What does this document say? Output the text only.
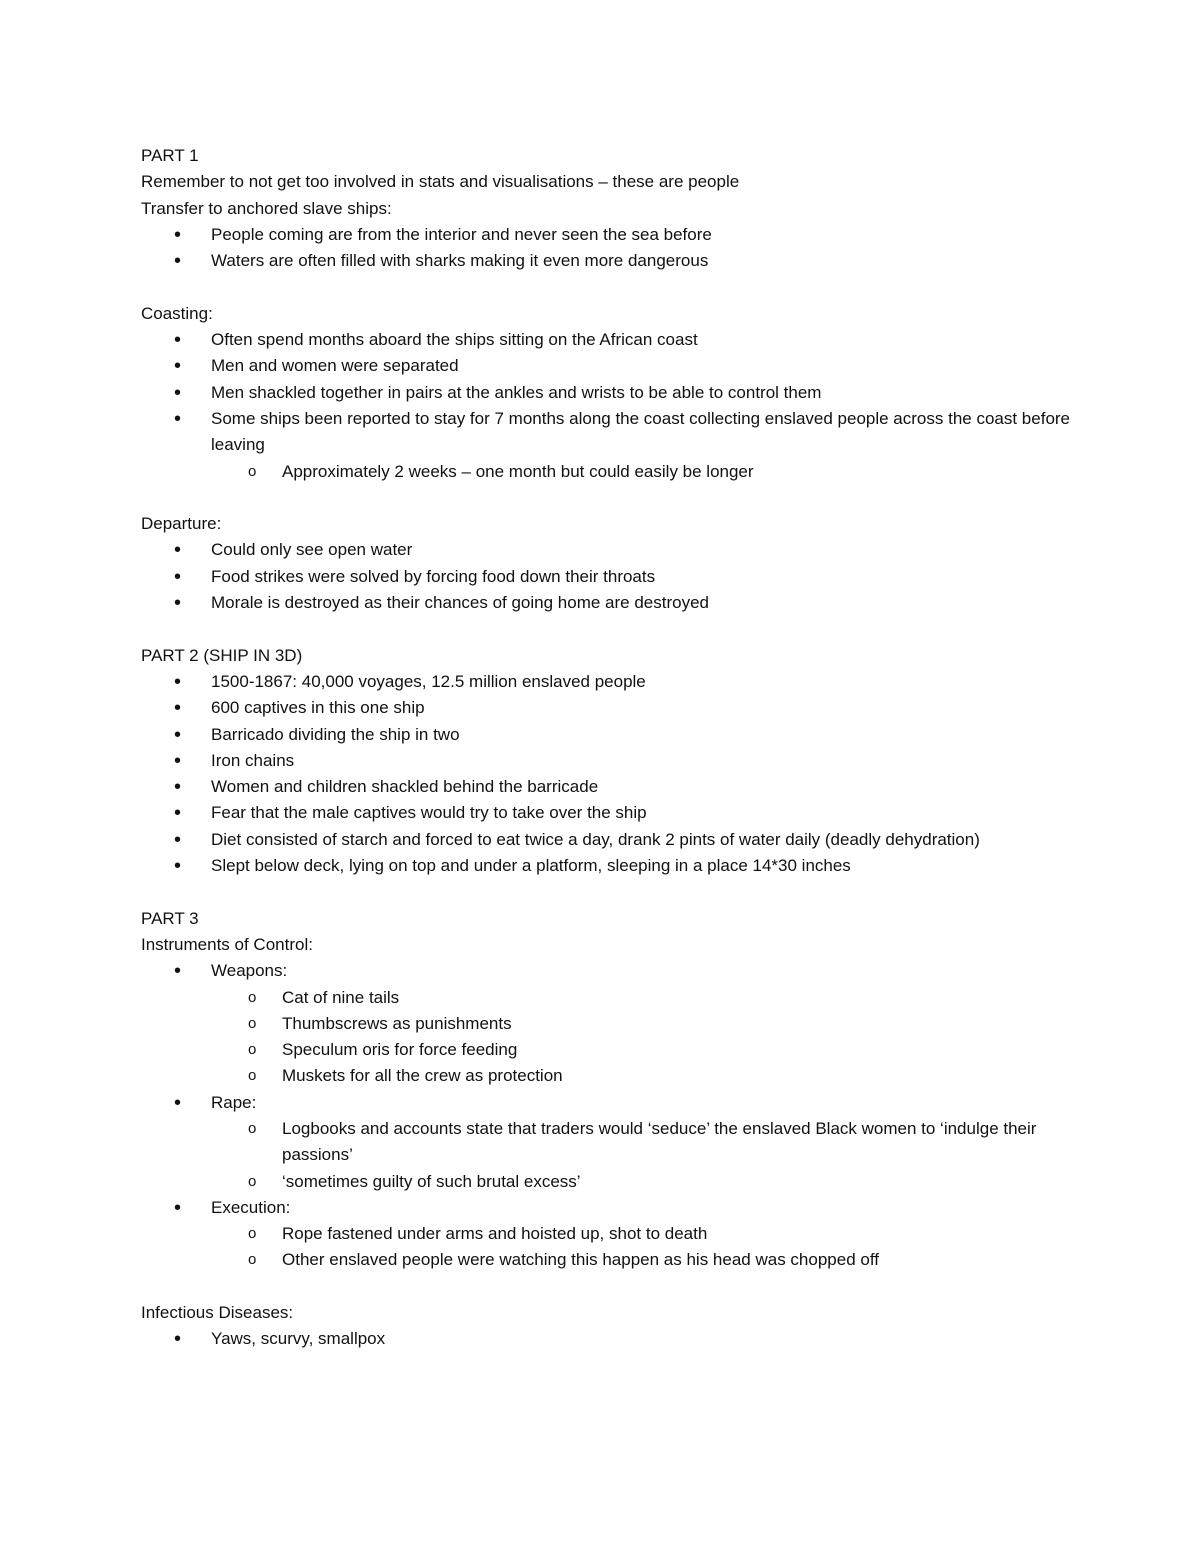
PART 1
Remember to not get too involved in stats and visualisations – these are people
Transfer to anchored slave ships:
• People coming are from the interior and never seen the sea before
• Waters are often filled with sharks making it even more dangerous
Coasting:
• Often spend months aboard the ships sitting on the African coast
• Men and women were separated
• Men shackled together in pairs at the ankles and wrists to be able to control them
• Some ships been reported to stay for 7 months along the coast collecting enslaved people across the coast before leaving
o Approximately 2 weeks – one month but could easily be longer
Departure:
• Could only see open water
• Food strikes were solved by forcing food down their throats
• Morale is destroyed as their chances of going home are destroyed
PART 2 (SHIP IN 3D)
• 1500-1867: 40,000 voyages, 12.5 million enslaved people
• 600 captives in this one ship
• Barricado dividing the ship in two
• Iron chains
• Women and children shackled behind the barricade
• Fear that the male captives would try to take over the ship
• Diet consisted of starch and forced to eat twice a day, drank 2 pints of water daily (deadly dehydration)
• Slept below deck, lying on top and under a platform, sleeping in a place 14*30 inches
PART 3
Instruments of Control:
• Weapons:
o Cat of nine tails
o Thumbscrews as punishments
o Speculum oris for force feeding
o Muskets for all the crew as protection
• Rape:
o Logbooks and accounts state that traders would ‘seduce’ the enslaved Black women to ‘indulge their passions’
o ‘sometimes guilty of such brutal excess’
• Execution:
o Rope fastened under arms and hoisted up, shot to death
o Other enslaved people were watching this happen as his head was chopped off
Infectious Diseases:
• Yaws, scurvy, smallpox
